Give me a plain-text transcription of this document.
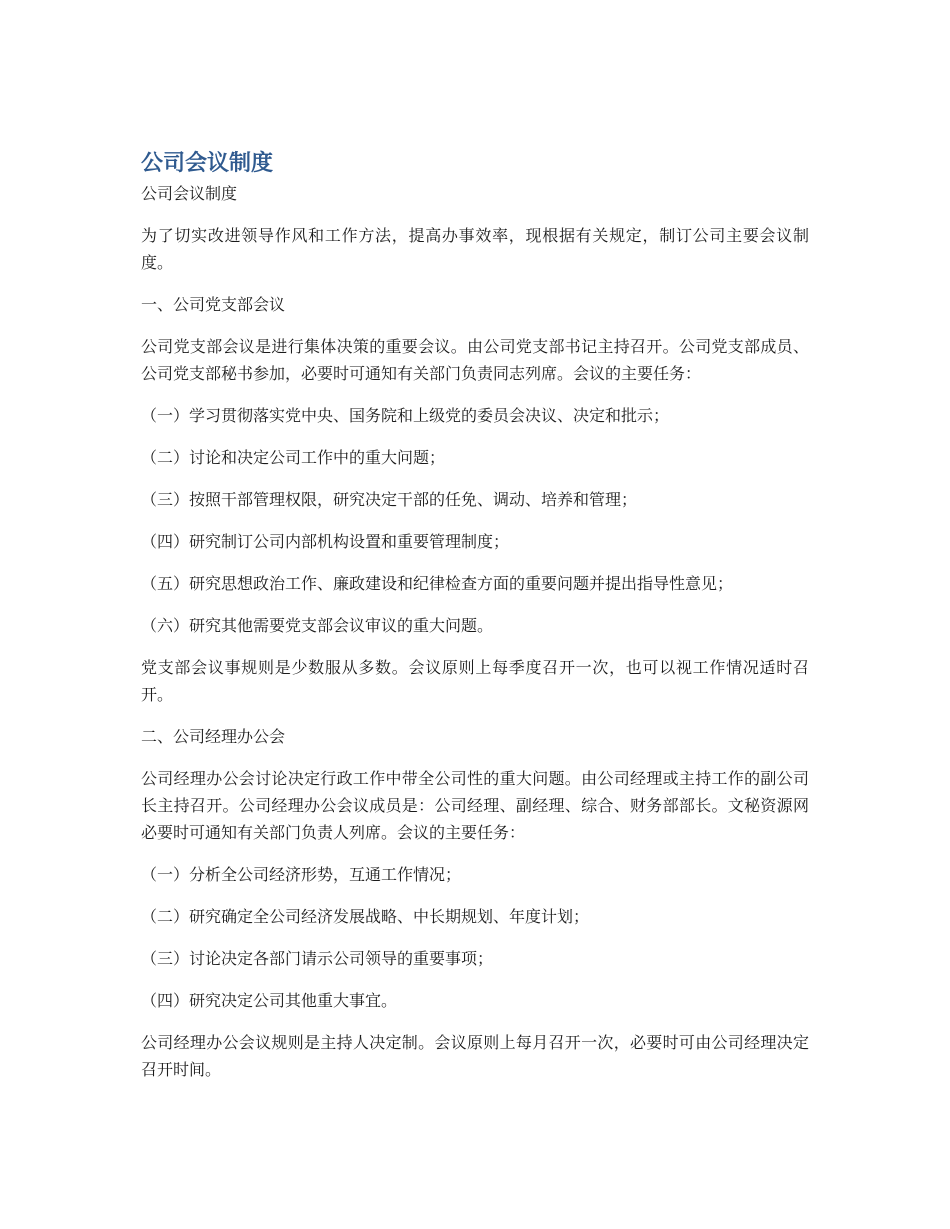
公司会议制度
公司会议制度

为了切实改进领导作风和工作方法，提高办事效率，现根据有关规定，制订公司主要会议制度。

一、公司党支部会议

公司党支部会议是进行集体决策的重要会议。由公司党支部书记主持召开。公司党支部成员、公司党支部秘书参加，必要时可通知有关部门负责同志列席。会议的主要任务：

（一）学习贯彻落实党中央、国务院和上级党的委员会决议、决定和批示；
（二）讨论和决定公司工作中的重大问题；
（三）按照干部管理权限，研究决定干部的任免、调动、培养和管理；
（四）研究制订公司内部机构设置和重要管理制度；
（五）研究思想政治工作、廉政建设和纪律检查方面的重要问题并提出指导性意见；
（六）研究其他需要党支部会议审议的重大问题。

党支部会议事规则是少数服从多数。会议原则上每季度召开一次，也可以视工作情况适时召开。

二、公司经理办公会

公司经理办公会讨论决定行政工作中带全公司性的重大问题。由公司经理或主持工作的副公司长主持召开。公司经理办公会议成员是：公司经理、副经理、综合、财务部部长。文秘资源网 必要时可通知有关部门负责人列席。会议的主要任务：

（一）分析全公司经济形势，互通工作情况；
（二）研究确定全公司经济发展战略、中长期规划、年度计划；
（三）讨论决定各部门请示公司领导的重要事项；
（四）研究决定公司其他重大事宜。

公司经理办公会议规则是主持人决定制。会议原则上每月召开一次，必要时可由公司经理决定召开时间。
